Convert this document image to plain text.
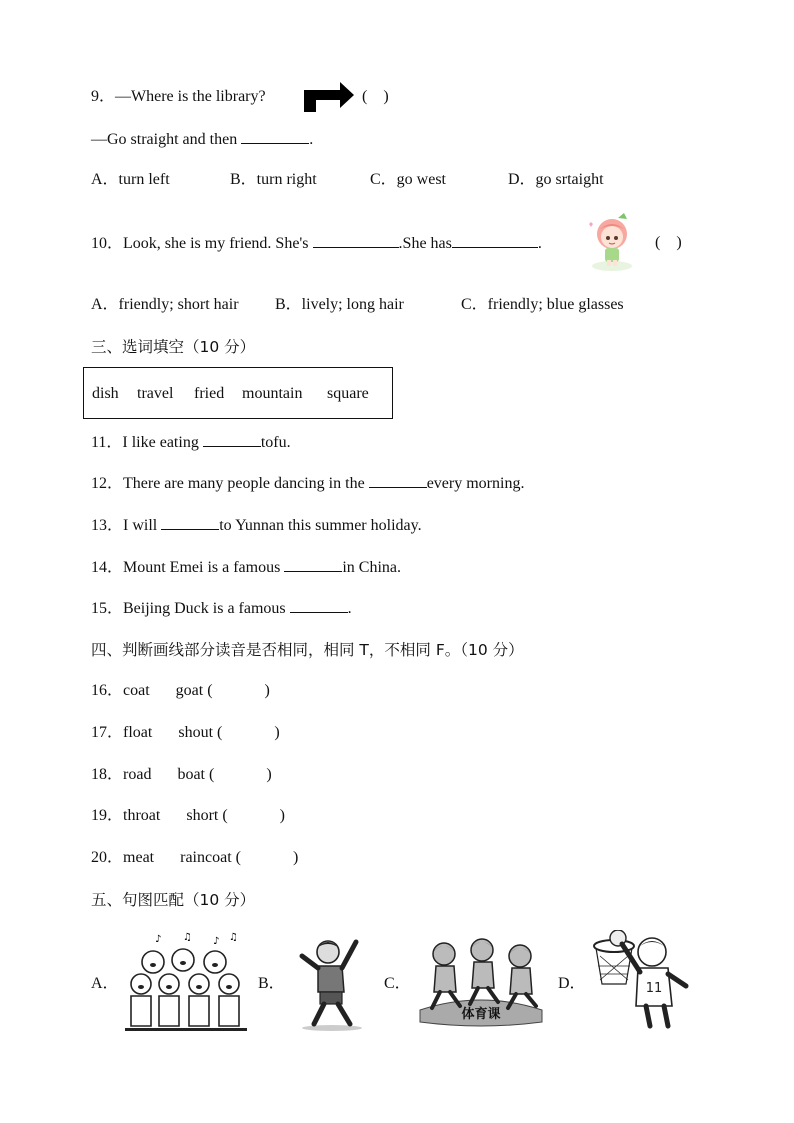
9．—Where is the library?	(　)
—Go straight and then	.
A．turn left	B．turn right	C．go west	D．go srtaight
10．Look, she is my friend. She's	.She has	.	(　)
A．friendly; short hair B．lively; long hair	C．friendly; blue glasses
三、选词填空（10 分）
dish travel fried mountain square
11．I like eating	tofu.
12．There are many people dancing in the	every morning.
13．I will	to Yunnan this summer holiday.
14．Mount Emei is a famous	in China.
15．Beijing Duck is a famous	.
四、判断画线部分读音是否相同，相同 T，不相同 F。（10 分）
16．coat goat (	)
17．float shout (	)
18．road boat (	)
19．throat short (	)
20．meat raincoat (	)
五、句图匹配（10 分）
A．
♪ ♫ ♪ ♫
B．	C．
体育课
D．	11
